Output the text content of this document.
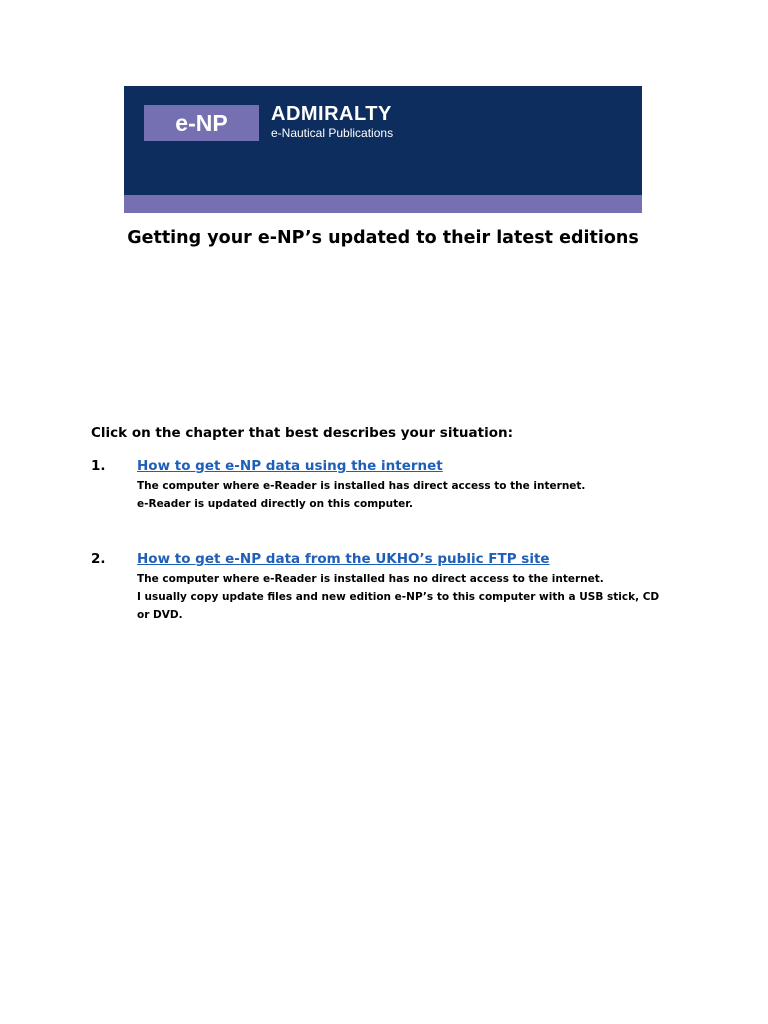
e-NP	ADMIRALTY
e-Nautical Publications
Getting your e-NP’s updated to their latest editions
Click on the chapter that best describes your situation:
1. How to get e-NP data using the internet
The computer where e-Reader is installed has direct access to the internet.
e-Reader is updated directly on this computer.
2. How to get e-NP data from the UKHO’s public FTP site
The computer where e-Reader is installed has no direct access to the internet.
I usually copy update files and new edition e-NP’s to this computer with a USB stick, CD or DVD.
